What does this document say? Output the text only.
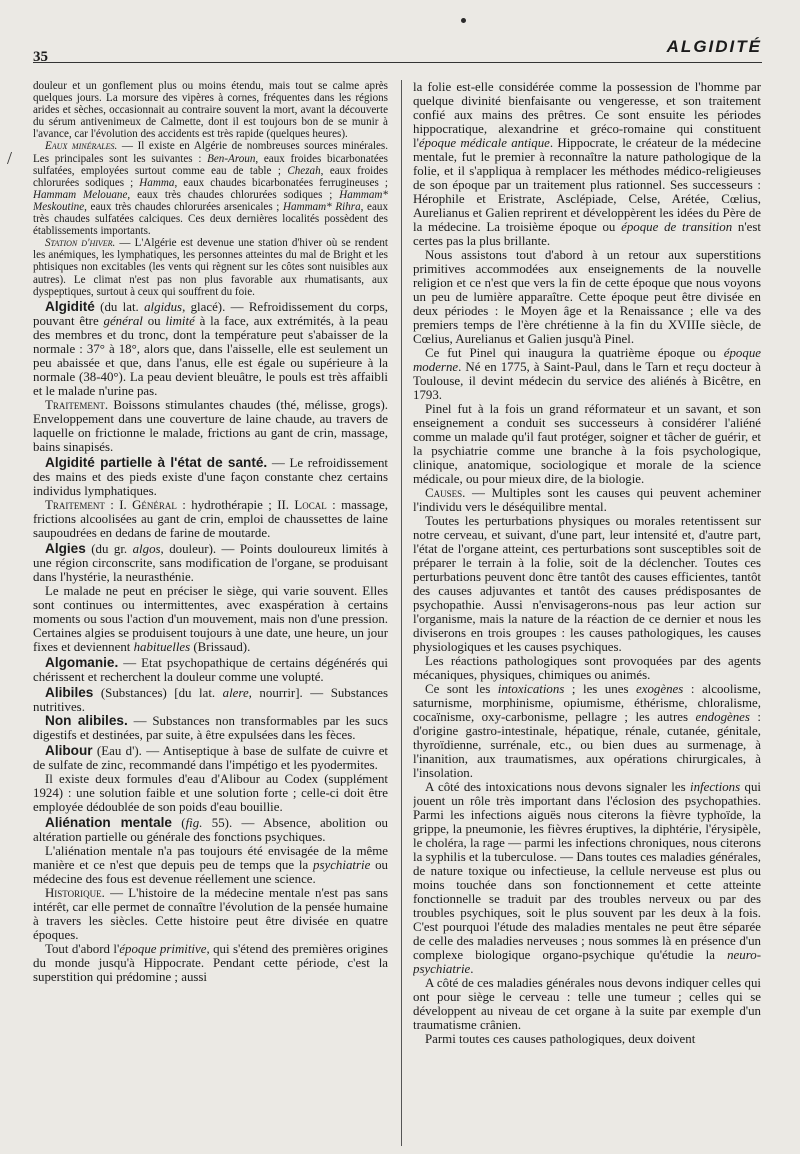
35
ALGIDITÉ
/

douleur et un gonflement plus ou moins étendu, mais tout se calme après quelques jours. La morsure des vipères à cornes, fréquentes dans les régions arides et sèches, occasionnait au contraire souvent la mort, avant la découverte du sérum antivenimeux de Calmette, dont il est toujours bon de se munir à l'avance, car l'évolution des accidents est très rapide (quelques heures).

Eaux minérales. — Il existe en Algérie de nombreuses sources minérales. Les principales sont les suivantes : Ben-Aroun, eaux froides bicarbonatées sulfatées, employées surtout comme eau de table ; Chezah, eaux froides chlorurées sodiques ; Hamma, eaux chaudes bicarbonatées ferrugineuses ; Hammam Melouane, eaux très chaudes chlorurées sodiques ; Hammam* Meskoutine, eaux très chaudes chlorurées arsenicales ; Hammam* Rihra, eaux très chaudes sulfatées calciques. Ces deux dernières localités possèdent des établissements importants.

Station d'hiver. — L'Algérie est devenue une station d'hiver où se rendent les anémiques, les lymphatiques, les personnes atteintes du mal de Bright et les phtisiques non excitables (les vents qui règnent sur les côtes sont nuisibles aux autres). Le climat n'est pas non plus favorable aux rhumatisants, aux dyspeptiques, surtout à ceux qui souffrent du foie.

Algidité (du lat. algidus, glacé). — Refroidissement du corps, pouvant être général ou limité à la face, aux extrémités, à la peau des membres et du tronc, dont la température peut s'abaisser de la normale : 37° à 18°, alors que, dans l'aisselle, elle est seulement un peu abaissée et que, dans l'anus, elle est égale ou supérieure à la normale (38-40°). La peau devient bleuâtre, le pouls est très affaibli et le malade n'urine pas.

Traitement. Boissons stimulantes chaudes (thé, mélisse, grogs). Enveloppement dans une couverture de laine chaude, au travers de laquelle on frictionne le malade, frictions au gant de crin, massage, bains sinapisés.

Algidité partielle à l'état de santé. — Le refroidissement des mains et des pieds existe d'une façon constante chez certains individus lymphatiques.

Traitement : I. Général : hydrothérapie ; II. Local : massage, frictions alcoolisées au gant de crin, emploi de chaussettes de laine saupoudrées en dedans de farine de moutarde.

Algies (du gr. algos, douleur). — Points douloureux limités à une région circonscrite, sans modification de l'organe, se produisant dans l'hystérie, la neurasthénie.

Le malade ne peut en préciser le siège, qui varie souvent. Elles sont continues ou intermittentes, avec exaspération à certains moments ou sous l'action d'un mouvement, mais non d'une pression. Certaines algies se produisent toujours à une date, une heure, un jour fixes et deviennent habituelles (Brissaud).

Algomanie. — Etat psychopathique de certains dégénérés qui chérissent et recherchent la douleur comme une volupté.

Alibiles (Substances) [du lat. alere, nourrir]. — Substances nutritives.

Non alibiles. — Substances non transformables par les sucs digestifs et destinées, par suite, à être expulsées dans les fèces.

Alibour (Eau d'). — Antiseptique à base de sulfate de cuivre et de sulfate de zinc, recommandé dans l'impétigo et les pyodermites.

Il existe deux formules d'eau d'Alibour au Codex (supplément 1924) : une solution faible et une solution forte ; celle-ci doit être employée dédoublée de son poids d'eau bouillie.

Aliénation mentale (fig. 55). — Absence, abolition ou altération partielle ou générale des fonctions psychiques.

L'aliénation mentale n'a pas toujours été envisagée de la même manière et ce n'est que depuis peu de temps que la psychiatrie ou médecine des fous est devenue réellement une science.

Historique. — L'histoire de la médecine mentale n'est pas sans intérêt, car elle permet de connaître l'évolution de la pensée humaine à travers les siècles. Cette histoire peut être divisée en quatre époques.

Tout d'abord l'époque primitive, qui s'étend des premières origines du monde jusqu'à Hippocrate. Pendant cette période, c'est la superstition qui prédomine ; aussi

la folie est-elle considérée comme la possession de l'homme par quelque divinité bienfaisante ou vengeresse, et son traitement confié aux mains des prêtres. Ce sont ensuite les périodes hippocratique, alexandrine et gréco-romaine qui constituent l'époque médicale antique. Hippocrate, le créateur de la médecine mentale, fut le premier à reconnaître la nature pathologique de la folie, et il s'appliqua à remplacer les méthodes médico-religieuses de son époque par un traitement plus rationnel. Ses successeurs : Hérophile et Eristrate, Asclépiade, Celse, Arétée, Cœlius, Aurelianus et Galien reprirent et développèrent les idées du Père de la médecine. La troisième époque ou époque de transition n'est certes pas la plus brillante.

Nous assistons tout d'abord à un retour aux superstitions primitives accommodées aux enseignements de la nouvelle religion et ce n'est que vers la fin de cette époque que nous voyons un peu de lumière apparaître. Cette époque peut être divisée en deux périodes : le Moyen âge et la Renaissance ; elle va des premiers temps de l'ère chrétienne à la fin du XVIIIe siècle, de Cœlius, Aurelianus et Galien jusqu'à Pinel.

Ce fut Pinel qui inaugura la quatrième époque ou époque moderne. Né en 1775, à Saint-Paul, dans le Tarn et reçu docteur à Toulouse, il devint médecin du service des aliénés à Bicêtre, en 1793.

Pinel fut à la fois un grand réformateur et un savant, et son enseignement a conduit ses successeurs à considérer l'aliéné comme un malade qu'il faut protéger, soigner et tâcher de guérir, et la psychiatrie comme une branche à la fois psychologique, clinique, anatomique, sociologique et morale de la science médicale, ou pour mieux dire, de la biologie.

Causes. — Multiples sont les causes qui peuvent acheminer l'individu vers le déséquilibre mental.

Toutes les perturbations physiques ou morales retentissent sur notre cerveau, et suivant, d'une part, leur intensité et, d'autre part, l'état de l'organe atteint, ces perturbations sont susceptibles soit de préparer le terrain à la folie, soit de la déclencher. Toutes ces perturbations peuvent donc être tantôt des causes efficientes, tantôt des causes adjuvantes et tantôt des causes prédisposantes de psychopathie. Aussi n'envisagerons-nous pas leur action sur l'organisme, mais la nature de la réaction de ce dernier et nous les diviserons en trois groupes : les causes pathologiques, les causes physiologiques et les causes psychiques.

Les réactions pathologiques sont provoquées par des agents mécaniques, physiques, chimiques ou animés.

Ce sont les intoxications ; les unes exogènes : alcoolisme, saturnisme, morphinisme, opiumisme, éthérisme, chloralisme, cocaïnisme, oxy-carbonisme, pellagre ; les autres endogènes : d'origine gastro-intestinale, hépatique, rénale, cutanée, génitale, thyroïdienne, surrénale, etc., ou bien dues au surmenage, à l'inanition, aux traumatismes, aux opérations chirurgicales, à l'insolation.

A côté des intoxications nous devons signaler les infections qui jouent un rôle très important dans l'éclosion des psychopathies. Parmi les infections aiguës nous citerons la fièvre typhoïde, la grippe, la pneumonie, les fièvres éruptives, la diphtérie, l'érysipèle, le choléra, la rage — parmi les infections chroniques, nous citerons la syphilis et la tuberculose. — Dans toutes ces maladies générales, de nature toxique ou infectieuse, la cellule nerveuse est plus ou moins touchée dans son fonctionnement et cette atteinte fonctionnelle se traduit par des troubles nerveux ou par des troubles psychiques, soit le plus souvent par les deux à la fois. C'est pourquoi l'étude des maladies mentales ne peut être séparée de celle des maladies nerveuses ; nous sommes là en présence d'un complexe biologique organo-psychique qu'étudie la neuro-psychiatrie.

A côté de ces maladies générales nous devons indiquer celles qui ont pour siège le cerveau : telle une tumeur ; celles qui se développent au niveau de cet organe à la suite par exemple d'un traumatisme crânien.

Parmi toutes ces causes pathologiques, deux doivent
